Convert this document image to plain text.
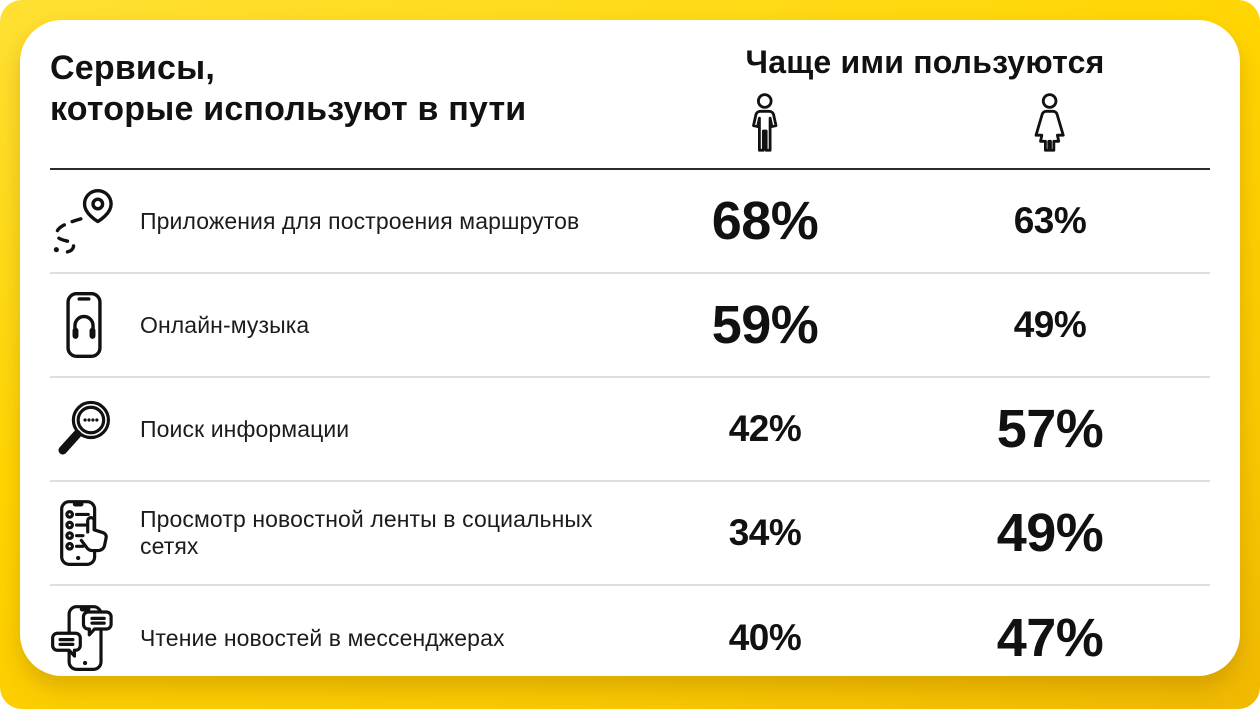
Сервисы,
которые используют в пути
Чаще ими пользуются
Приложения для построения маршрутов	68%	63%
Онлайн-музыка	59%	49%
Поиск информации	42%	57%
Просмотр новостной ленты в социальных сетях	34%	49%
Чтение новостей в мессенджерах	40%	47%
